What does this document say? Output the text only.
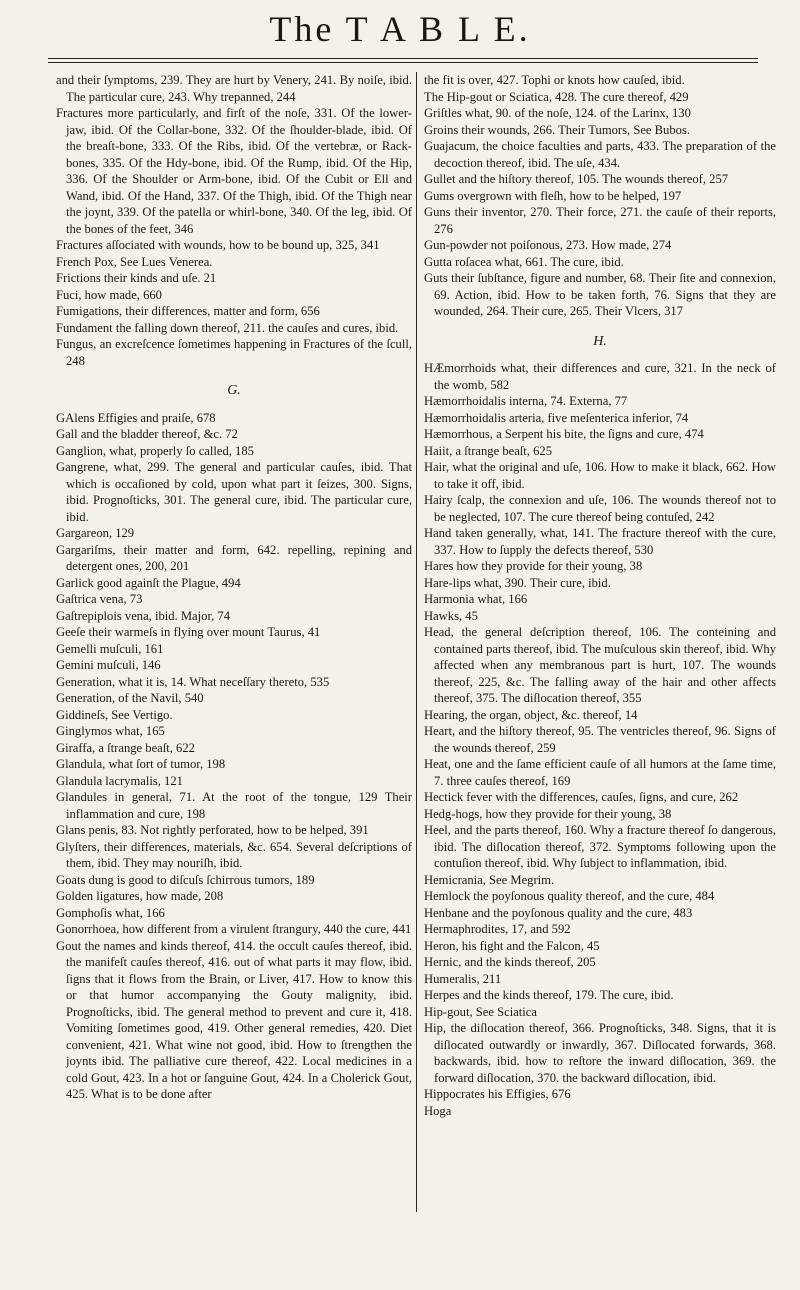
The T A B L E.

and their ſymptoms, 239. They are hurt by Venery, 241. By noiſe, ibid. The particular cure, 243. Why trepanned, 244

Fractures more particularly, and firſt of the noſe, 331. Of the lower-jaw, ibid. Of the Collar-bone, 332. Of the ſhoulder-blade, ibid. Of the breaſt-bone, 333. Of the Ribs, ibid. Of the vertebræ, or Rack-bones, 335. Of the Hdy-bone, ibid. Of the Rump, ibid. Of the Hip, 336. Of the Shoulder or Arm-bone, ibid. Of the Cubit or Ell and Wand, ibid. Of the Hand, 337. Of the Thigh, ibid. Of the Thigh near the joynt, 339. Of the patella or whirl-bone, 340. Of the leg, ibid. Of the bones of the feet, 346

Fractures aſſociated with wounds, how to be bound up, 325, 341

French Pox, See Lues Venerea.

Frictions their kinds and uſe. 21

Fuci, how made, 660

Fumigations, their differences, matter and form, 656

Fundament the falling down thereof, 211. the cauſes and cures, ibid.

Fungus, an excreſcence ſometimes happening in Fractures of the ſcull, 248

G.

GAlens Effigies and praiſe, 678

Gall and the bladder thereof, &c. 72

Ganglion, what, properly ſo called, 185

Gangrene, what, 299. The general and particular cauſes, ibid. That which is occaſioned by cold, upon what part it ſeizes, 300. Signs, ibid. Prognoſticks, 301. The general cure, ibid. The particular cure, ibid.

Gargareon, 129

Gargariſms, their matter and form, 642. repelling, repining and detergent ones, 200, 201

Garlick good againſt the Plague, 494

Gaſtrica vena, 73

Gaſtrepiplois vena, ibid. Major, 74

Geeſe their warmeſs in flying over mount Taurus, 41

Gemelli muſculi, 161

Gemini muſculi, 146

Generation, what it is, 14. What neceſſary thereto, 535

Generation, of the Navil, 540

Giddineſs, See Vertigo.

Ginglymos what, 165

Giraffa, a ſtrange beaſt, 622

Glandula, what ſort of tumor, 198

Glandula lacrymalis, 121

Glandules in general, 71. At the root of the tongue, 129 Their inflammation and cure, 198

Glans penis, 83. Not rightly perforated, how to be helped, 391

Glyſters, their differences, materials, &c. 654. Several deſcriptions of them, ibid. They may nouriſh, ibid.

Goats dung is good to diſcuſs ſchirrous tumors, 189

Golden ligatures, how made, 208

Gomphoſis what, 166

Gonorrhoea, how different from a virulent ſtrangury, 440 the cure, 441

Gout the names and kinds thereof, 414. the occult cauſes thereof, ibid. the manifeſt cauſes thereof, 416. out of what parts it may flow, ibid. ſigns that it flows from the Brain, or Liver, 417. How to know this or that humor accompanying the Gouty malignity, ibid. Prognoſticks, ibid. The general method to prevent and cure it, 418. Vomiting ſometimes good, 419. Other general remedies, 420. Diet convenient, 421. What wine not good, ibid. How to ſtrengthen the joynts ibid. The palliative cure thereof, 422. Local medicines in a cold Gout, 423. In a hot or ſanguine Gout, 424. In a Cholerick Gout, 425. What is to be done after

the fit is over, 427. Tophi or knots how cauſed, ibid.

The Hip-gout or Sciatica, 428. The cure thereof, 429

Griſtles what, 90. of the noſe, 124. of the Larinx, 130

Groins their wounds, 266. Their Tumors, See Bubos.

Guajacum, the choice faculties and parts, 433. The preparation of the decoction thereof, ibid. The uſe, 434.

Gullet and the hiſtory thereof, 105. The wounds thereof, 257

Gums overgrown with fleſh, how to be helped, 197

Guns their inventor, 270. Their force, 271. the cauſe of their reports, 276

Gun-powder not poiſonous, 273. How made, 274

Gutta roſacea what, 661. The cure, ibid.

Guts their ſubſtance, figure and number, 68. Their ſite and connexion, 69. Action, ibid. How to be taken forth, 76. Signs that they are wounded, 264. Their cure, 265. Their Vlcers, 317

H.

HÆmorrhoids what, their differences and cure, 321. In the neck of the womb, 582

Hæmorrhoidalis interna, 74. Externa, 77

Hæmorrhoidalis arteria, five meſenterica inferior, 74

Hæmorrhous, a Serpent his bite, the ſigns and cure, 474

Haiit, a ſtrange beaſt, 625

Hair, what the original and uſe, 106. How to make it black, 662. How to take it off, ibid.

Hairy ſcalp, the connexion and uſe, 106. The wounds thereof not to be neglected, 107. The cure thereof being contuſed, 242

Hand taken generally, what, 141. The fracture thereof with the cure, 337. How to ſupply the defects thereof, 530

Hares how they provide for their young, 38

Hare-lips what, 390. Their cure, ibid.

Harmonia what, 166

Hawks, 45

Head, the general deſcription thereof, 106. The conteining and contained parts thereof, ibid. The muſculous skin thereof, ibid. Why affected when any membranous part is hurt, 107. The wounds thereof, 225, &c. The falling away of the hair and other affects thereof, 375. The diſlocation thereof, 355

Hearing, the organ, object, &c. thereof, 14

Heart, and the hiſtory thereof, 95. The ventricles thereof, 96. Signs of the wounds thereof, 259

Heat, one and the ſame efficient cauſe of all humors at the ſame time, 7. three cauſes thereof, 169

Hectick fever with the differences, cauſes, ſigns, and cure, 262

Hedg-hogs, how they provide for their young, 38

Heel, and the parts thereof, 160. Why a fracture thereof ſo dangerous, ibid. The diſlocation thereof, 372. Symptoms following upon the contuſion thereof, ibid. Why ſubject to inflammation, ibid.

Hemicrania, See Megrim.

Hemlock the poyſonous quality thereof, and the cure, 484

Henbane and the poyſonous quality and the cure, 483

Hermaphrodites, 17, and 592

Heron, his fight and the Falcon, 45

Hernic, and the kinds thereof, 205

Humeralis, 211

Herpes and the kinds thereof, 179. The cure, ibid.

Hip-gout, See Sciatica

Hip, the diſlocation thereof, 366. Prognoſticks, 348. Signs, that it is diſlocated outwardly or inwardly, 367. Diſlocated forwards, 368. backwards, ibid. how to reſtore the inward diſlocation, 369. the forward diſlocation, 370. the backward diſlocation, ibid.

Hippocrates his Effigies, 676

Hoga
